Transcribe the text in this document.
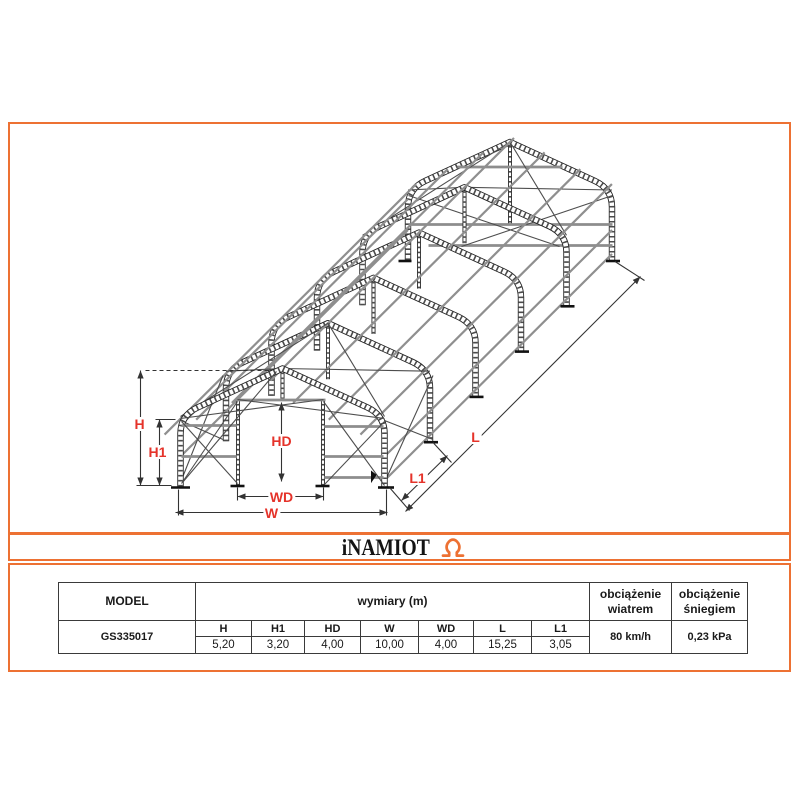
H
H1
HD
WD
W
L1
L
iNAMIOT
MODEL	wymiary (m)							obciążenie wiatrem	obciążenie śniegiem
GS335017	H	H1	HD	W	WD	L	L1	80 km/h	0,23 kPa
	5,20	3,20	4,00	10,00	4,00	15,25	3,05		
